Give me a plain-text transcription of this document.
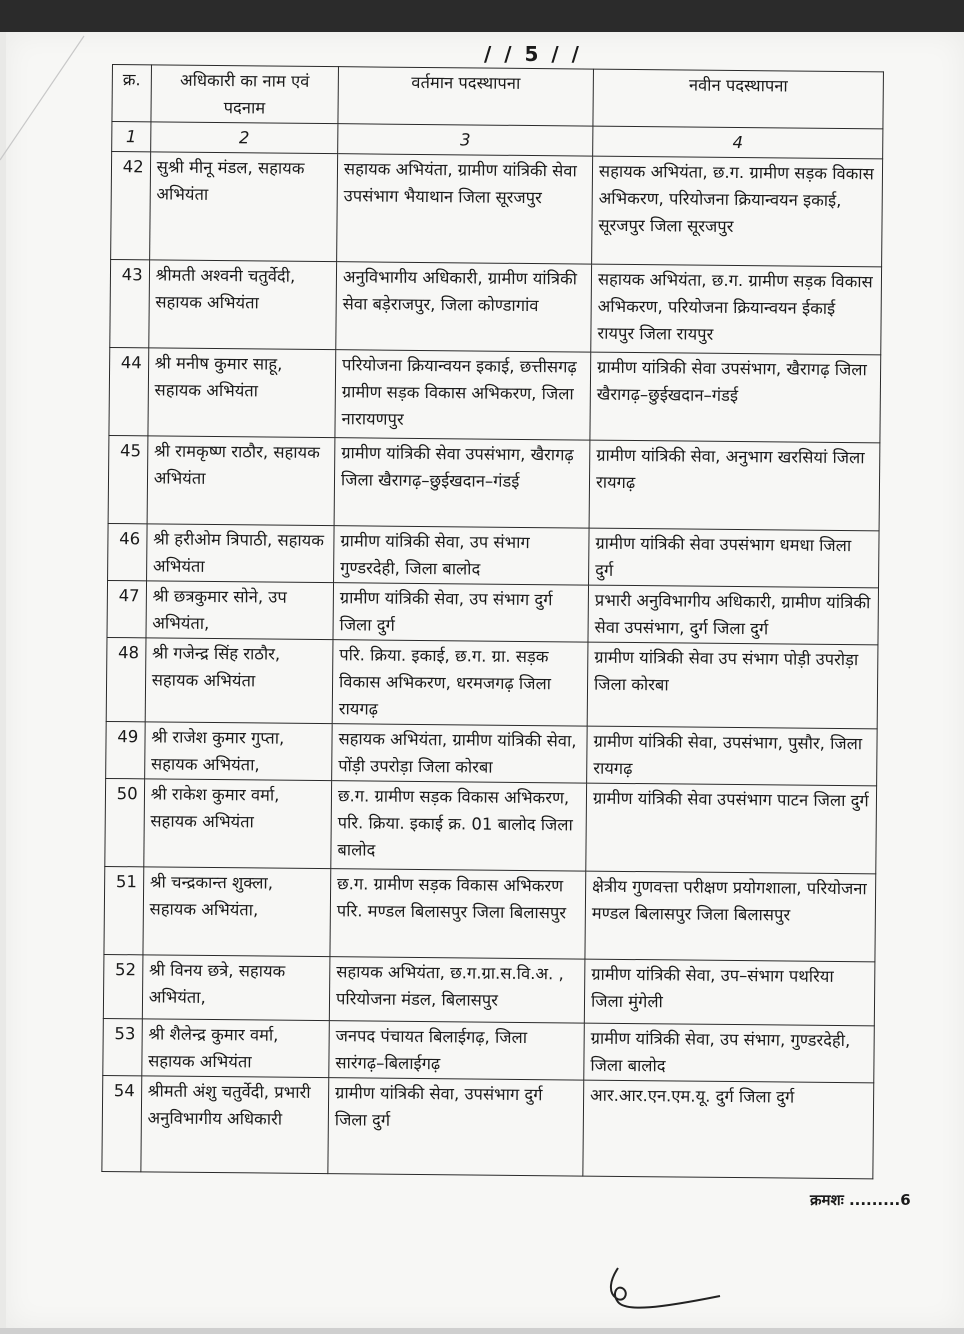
/ / 5 / /
क्र.	अधिकारी का नाम एवं पदनाम	वर्तमान पदस्थापना	नवीन पदस्थापना
1	2	3	4
42	सुश्री मीनू मंडल, सहायक अभियंता	सहायक अभियंता, ग्रामीण यांत्रिकी सेवा उपसंभाग भैयाथान जिला सूरजपुर	सहायक अभियंता, छ.ग. ग्रामीण सड़क विकास अभिकरण, परियोजना क्रियान्वयन इकाई, सूरजपुर जिला सूरजपुर
43	श्रीमती अश्वनी चतुर्वेदी, सहायक अभियंता	अनुविभागीय अधिकारी, ग्रामीण यांत्रिकी सेवा बड़ेराजपुर, जिला कोण्डागांव	सहायक अभियंता, छ.ग. ग्रामीण सड़क विकास अभिकरण, परियोजना क्रियान्वयन ईकाई रायपुर जिला रायपुर
44	श्री मनीष कुमार साहू, सहायक अभियंता	परियोजना क्रियान्वयन इकाई, छत्तीसगढ़ ग्रामीण सड़क विकास अभिकरण, जिला नारायणपुर	ग्रामीण यांत्रिकी सेवा उपसंभाग, खैरागढ़ जिला खैरागढ़–छुईखदान–गंडई
45	श्री रामकृष्ण राठौर, सहायक अभियंता	ग्रामीण यांत्रिकी सेवा उपसंभाग, खैरागढ़ जिला खैरागढ़–छुईखदान–गंडई	ग्रामीण यांत्रिकी सेवा, अनुभाग खरसियां जिला रायगढ़
46	श्री हरीओम त्रिपाठी, सहायक अभियंता	ग्रामीण यांत्रिकी सेवा, उप संभाग गुण्डरदेही, जिला बालोद	ग्रामीण यांत्रिकी सेवा उपसंभाग धमधा जिला दुर्ग
47	श्री छत्रकुमार सोने, उप अभियंता,	ग्रामीण यांत्रिकी सेवा, उप संभाग दुर्ग जिला दुर्ग	प्रभारी अनुविभागीय अधिकारी, ग्रामीण यांत्रिकी सेवा उपसंभाग, दुर्ग जिला दुर्ग
48	श्री गजेन्द्र सिंह राठौर, सहायक अभियंता	परि. क्रिया. इकाई, छ.ग. ग्रा. सड़क विकास अभिकरण, धरमजगढ़ जिला रायगढ़	ग्रामीण यांत्रिकी सेवा उप संभाग पोड़ी उपरोड़ा जिला कोरबा
49	श्री राजेश कुमार गुप्ता, सहायक अभियंता,	सहायक अभियंता, ग्रामीण यांत्रिकी सेवा, पोंड़ी उपरोड़ा जिला कोरबा	ग्रामीण यांत्रिकी सेवा, उपसंभाग, पुसौर, जिला रायगढ़
50	श्री राकेश कुमार वर्मा, सहायक अभियंता	छ.ग. ग्रामीण सड़क विकास अभिकरण, परि. क्रिया. इकाई क्र. 01 बालोद जिला बालोद	ग्रामीण यांत्रिकी सेवा उपसंभाग पाटन जिला दुर्ग
51	श्री चन्द्रकान्त शुक्ला, सहायक अभियंता,	छ.ग. ग्रामीण सड़क विकास अभिकरण परि. मण्डल बिलासपुर जिला बिलासपुर	क्षेत्रीय गुणवत्ता परीक्षण प्रयोगशाला, परियोजना मण्डल बिलासपुर जिला बिलासपुर
52	श्री विनय छत्रे, सहायक अभियंता,	सहायक अभियंता, छ.ग.ग्रा.स.वि.अ. , परियोजना मंडल, बिलासपुर	ग्रामीण यांत्रिकी सेवा, उप–संभाग पथरिया जिला मुंगेली
53	श्री शैलेन्द्र कुमार वर्मा, सहायक अभियंता	जनपद पंचायत बिलाईगढ़, जिला सारंगढ़–बिलाईगढ़	ग्रामीण यांत्रिकी सेवा, उप संभाग, गुण्डरदेही, जिला बालोद
54	श्रीमती अंशु चतुर्वेदी, प्रभारी अनुविभागीय अधिकारी	ग्रामीण यांत्रिकी सेवा, उपसंभाग दुर्ग जिला दुर्ग	आर.आर.एन.एम.यू. दुर्ग जिला दुर्ग
क्रमशः .........6
